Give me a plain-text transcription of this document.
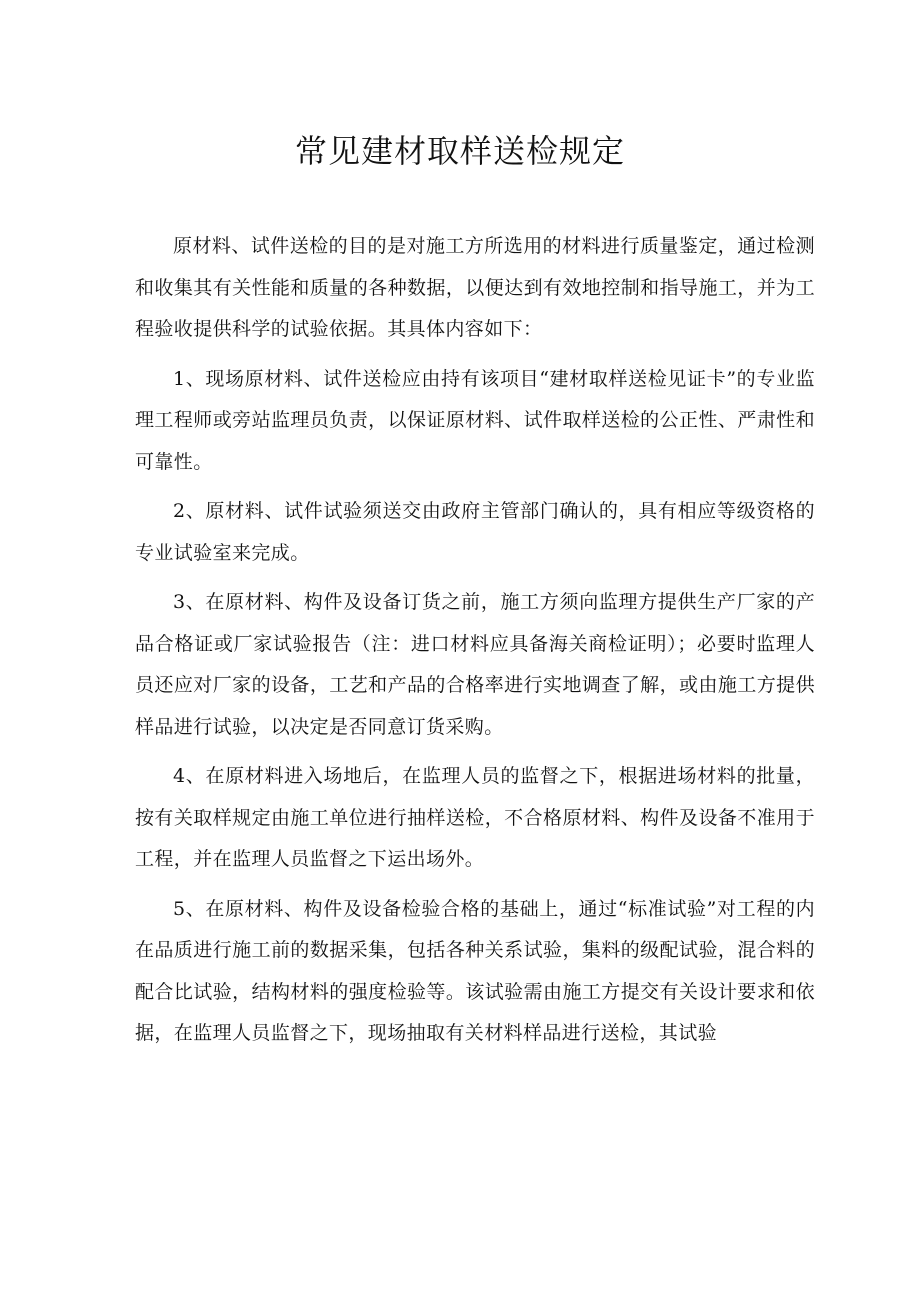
常见建材取样送检规定

原材料、试件送检的目的是对施工方所选用的材料进行质量鉴定，通过检测和收集其有关性能和质量的各种数据，以便达到有效地控制和指导施工，并为工程验收提供科学的试验依据。其具体内容如下：

1、现场原材料、试件送检应由持有该项目“建材取样送检见证卡”的专业监理工程师或旁站监理员负责，以保证原材料、试件取样送检的公正性、严肃性和可靠性。

2、原材料、试件试验须送交由政府主管部门确认的，具有相应等级资格的专业试验室来完成。

3、在原材料、构件及设备订货之前，施工方须向监理方提供生产厂家的产品合格证或厂家试验报告（注：进口材料应具备海关商检证明）；必要时监理人员还应对厂家的设备，工艺和产品的合格率进行实地调查了解，或由施工方提供样品进行试验，以决定是否同意订货采购。

4、在原材料进入场地后，在监理人员的监督之下，根据进场材料的批量，按有关取样规定由施工单位进行抽样送检，不合格原材料、构件及设备不准用于工程，并在监理人员监督之下运出场外。

5、在原材料、构件及设备检验合格的基础上，通过“标准试验”对工程的内在品质进行施工前的数据采集，包括各种关系试验，集料的级配试验，混合料的配合比试验，结构材料的强度检验等。该试验需由施工方提交有关设计要求和依据，在监理人员监督之下，现场抽取有关材料样品进行送检，其试验
